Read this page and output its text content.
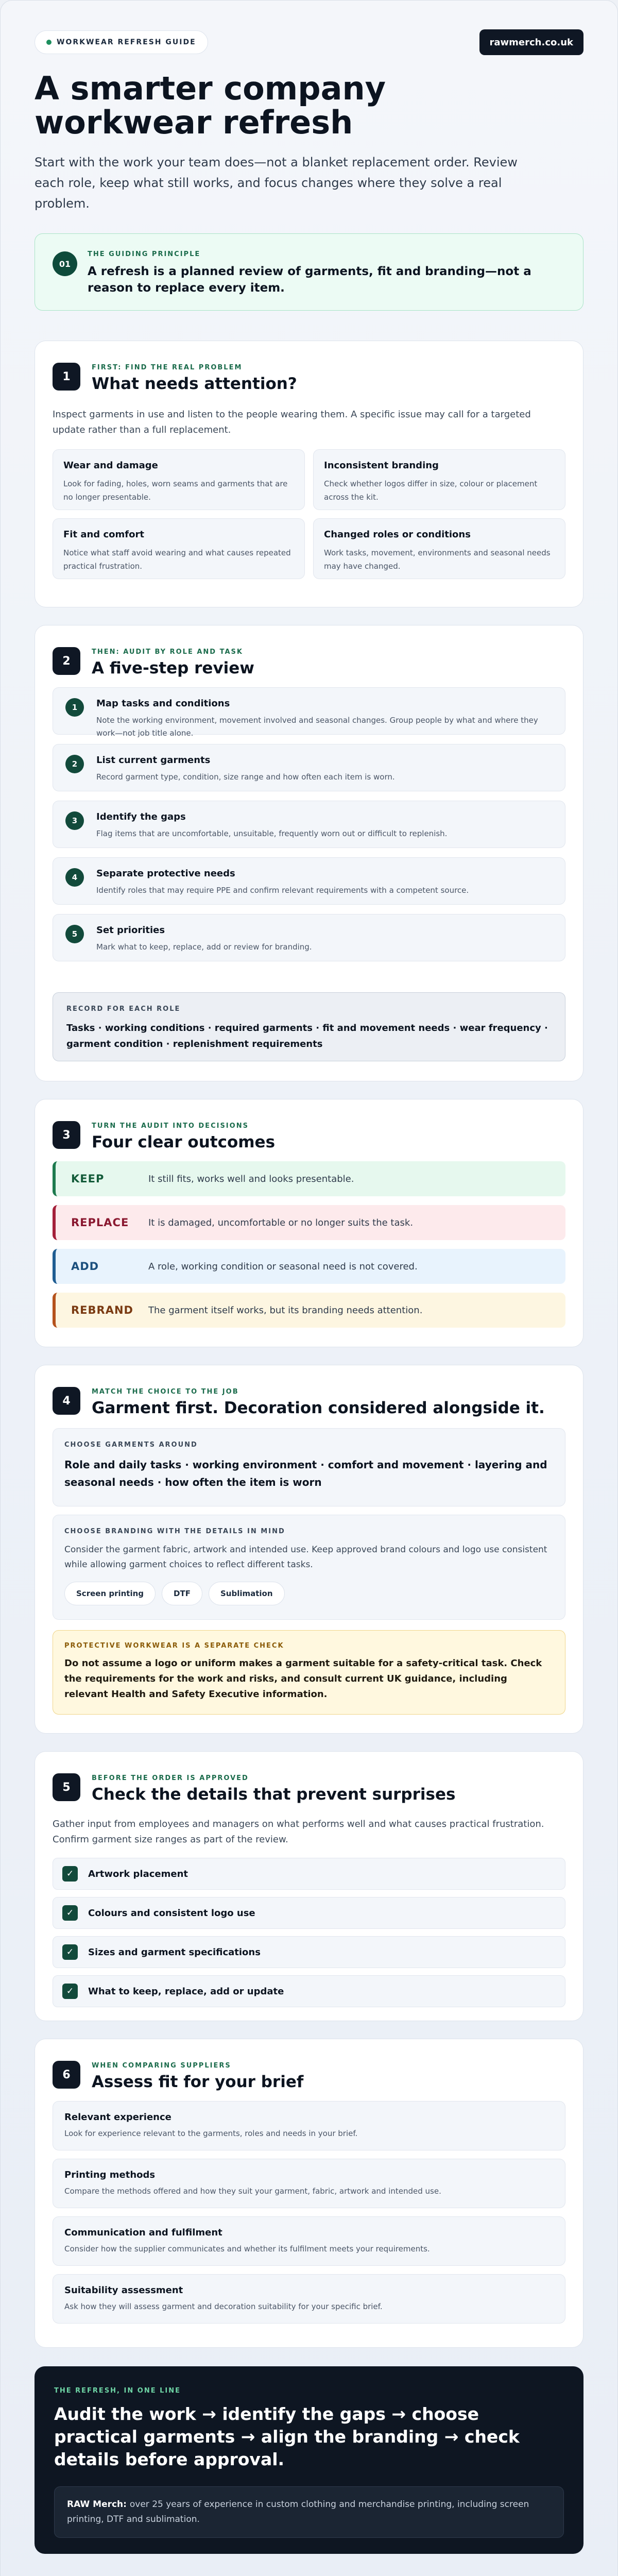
WORKWEAR REFRESH GUIDE	rawmerch.co.uk
A smarter company workwear refresh

Start with the work your team does—not a blanket replacement order. Review each role, keep what still works, and focus changes where they solve a real problem.

01
THE GUIDING PRINCIPLE
A refresh is a planned review of garments, fit and branding—not a reason to replace every item.
1
FIRST: FIND THE REAL PROBLEM
What needs attention?

Inspect garments in use and listen to the people wearing them. A specific issue may call for a targeted update rather than a full replacement.

Wear and damage
Look for fading, holes, worn seams and garments that are no longer presentable.
Inconsistent branding
Check whether logos differ in size, colour or placement across the kit.
Fit and comfort
Notice what staff avoid wearing and what causes repeated practical frustration.
Changed roles or conditions
Work tasks, movement, environments and seasonal needs may have changed.
2
THEN: AUDIT BY ROLE AND TASK
A five-step review
1	Map tasks and conditions
Note the working environment, movement involved and seasonal changes. Group people by what and where they work—not job title alone.
2	List current garments
Record garment type, condition, size range and how often each item is worn.
3	Identify the gaps
Flag items that are uncomfortable, unsuitable, frequently worn out or difficult to replenish.
4	Separate protective needs
Identify roles that may require PPE and confirm relevant requirements with a competent source.
5	Set priorities
Mark what to keep, replace, add or review for branding.
RECORD FOR EACH ROLE
Tasks · working conditions · required garments · fit and movement needs · wear frequency · garment condition · replenishment requirements
3
TURN THE AUDIT INTO DECISIONS
Four clear outcomes
KEEP	It still fits, works well and looks presentable.
REPLACE	It is damaged, uncomfortable or no longer suits the task.
ADD	A role, working condition or seasonal need is not covered.
REBRAND	The garment itself works, but its branding needs attention.
4
MATCH THE CHOICE TO THE JOB
Garment first. Decoration considered alongside it.
CHOOSE GARMENTS AROUND
Role and daily tasks · working environment · comfort and movement · layering and seasonal needs · how often the item is worn
CHOOSE BRANDING WITH THE DETAILS IN MIND
Consider the garment fabric, artwork and intended use. Keep approved brand colours and logo use consistent while allowing garment choices to reflect different tasks.
Screen printing	DTF	Sublimation
PROTECTIVE WORKWEAR IS A SEPARATE CHECK
Do not assume a logo or uniform makes a garment suitable for a safety-critical task. Check the requirements for the work and risks, and consult current UK guidance, including relevant Health and Safety Executive information.
5
BEFORE THE ORDER IS APPROVED
Check the details that prevent surprises

Gather input from employees and managers on what performs well and what causes practical frustration. Confirm garment size ranges as part of the review.

✓	Artwork placement
✓	Colours and consistent logo use
✓	Sizes and garment specifications
✓	What to keep, replace, add or update
6
WHEN COMPARING SUPPLIERS
Assess fit for your brief
Relevant experience
Look for experience relevant to the garments, roles and needs in your brief.
Printing methods
Compare the methods offered and how they suit your garment, fabric, artwork and intended use.
Communication and fulfilment
Consider how the supplier communicates and whether its fulfilment meets your requirements.
Suitability assessment
Ask how they will assess garment and decoration suitability for your specific brief.
THE REFRESH, IN ONE LINE
Audit the work → identify the gaps → choose practical garments → align the branding → check details before approval.
RAW Merch: over 25 years of experience in custom clothing and merchandise printing, including screen printing, DTF and sublimation.
